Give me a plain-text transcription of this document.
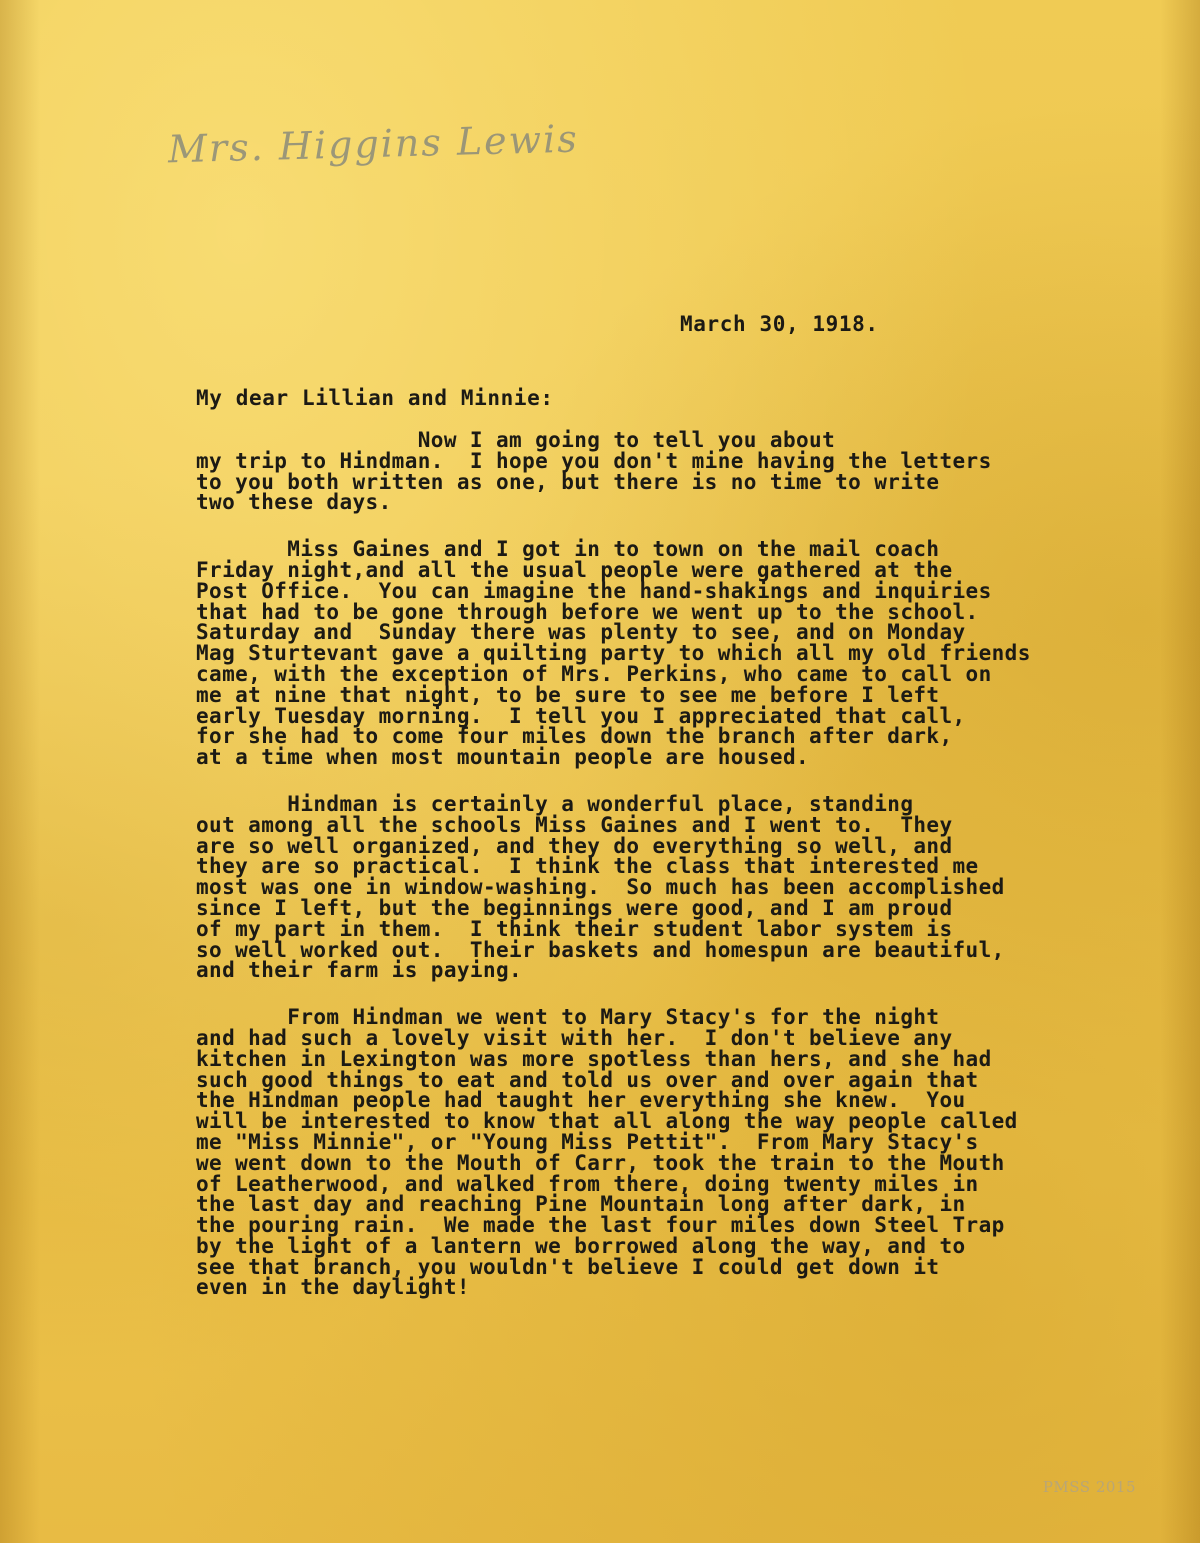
Mrs. Higgins Lewis
March 30, 1918.
My dear Lillian and Minnie:
Now I am going to tell you about
my trip to Hindman.  I hope you don't mine having the letters
to you both written as one, but there is no time to write
two these days.
Miss Gaines and I got in to town on the mail coach
Friday night,and all the usual people were gathered at the
Post Office.  You can imagine the hand-shakings and inquiries
that had to be gone through before we went up to the school.
Saturday and  Sunday there was plenty to see, and on Monday
Mag Sturtevant gave a quilting party to which all my old friends
came, with the exception of Mrs. Perkins, who came to call on
me at nine that night, to be sure to see me before I left
early Tuesday morning.  I tell you I appreciated that call,
for she had to come four miles down the branch after dark,
at a time when most mountain people are housed.
Hindman is certainly a wonderful place, standing
out among all the schools Miss Gaines and I went to.  They
are so well organized, and they do everything so well, and
they are so practical.  I think the class that interested me
most was one in window-washing.  So much has been accomplished
since I left, but the beginnings were good, and I am proud
of my part in them.  I think their student labor system is
so well worked out.  Their baskets and homespun are beautiful,
and their farm is paying.
From Hindman we went to Mary Stacy's for the night
and had such a lovely visit with her.  I don't believe any
kitchen in Lexington was more spotless than hers, and she had
such good things to eat and told us over and over again that
the Hindman people had taught her everything she knew.  You
will be interested to know that all along the way people called
me "Miss Minnie", or "Young Miss Pettit".  From Mary Stacy's
we went down to the Mouth of Carr, took the train to the Mouth
of Leatherwood, and walked from there, doing twenty miles in
the last day and reaching Pine Mountain long after dark, in
the pouring rain.  We made the last four miles down Steel Trap
by the light of a lantern we borrowed along the way, and to
see that branch, you wouldn't believe I could get down it
even in the daylight!
PMSS 2015
